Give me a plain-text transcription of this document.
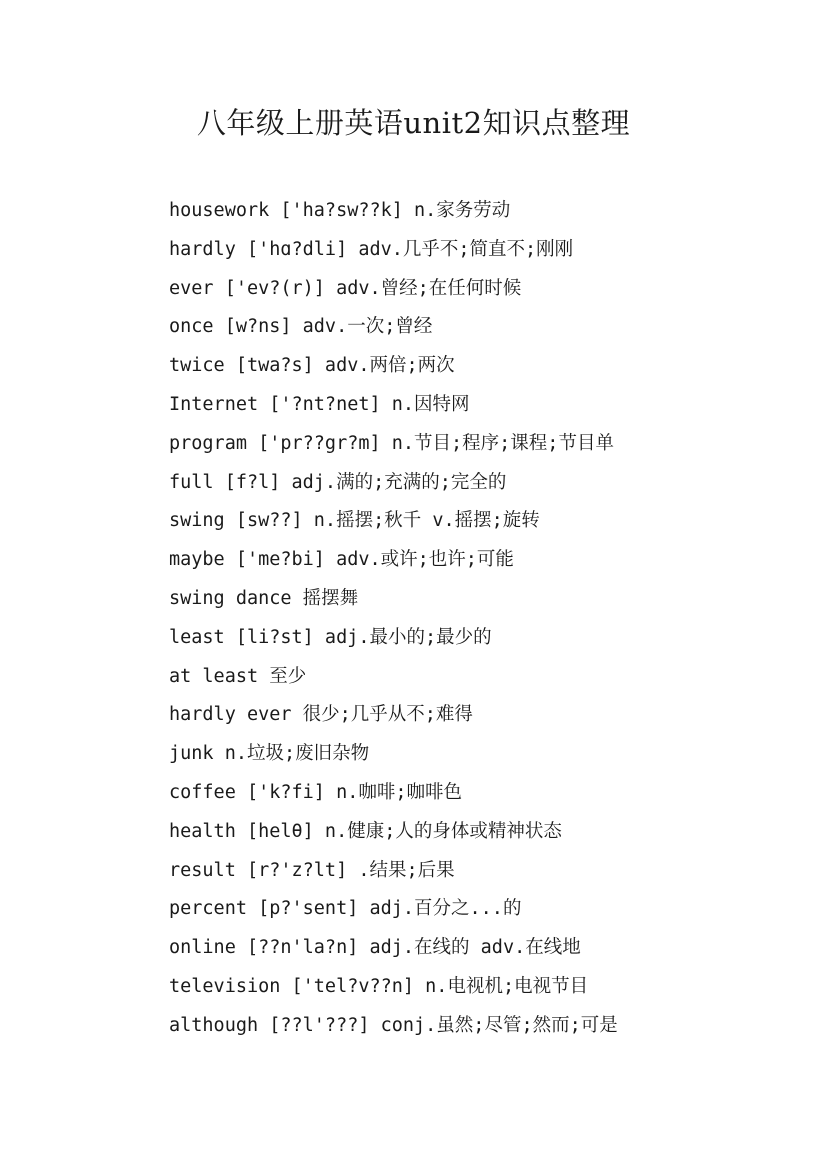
八年级上册英语unit2知识点整理
housework ['ha?sw??k] n.家务劳动
hardly ['hɑ?dli] adv.几乎不;简直不;刚刚
ever ['ev?(r)] adv.曾经;在任何时候
once [w?ns] adv.一次;曾经
twice [twa?s] adv.两倍;两次
Internet ['?nt?net] n.因特网
program ['pr??gr?m] n.节目;程序;课程;节目单
full [f?l] adj.满的;充满的;完全的
swing [sw??] n.摇摆;秋千 v.摇摆;旋转
maybe ['me?bi] adv.或许;也许;可能
swing dance 摇摆舞
least [li?st] adj.最小的;最少的
at least 至少
hardly ever 很少;几乎从不;难得
junk n.垃圾;废旧杂物
coffee ['k?fi] n.咖啡;咖啡色
health [helθ] n.健康;人的身体或精神状态
result [r?'z?lt] .结果;后果
percent [p?'sent] adj.百分之...的
online [??n'la?n] adj.在线的 adv.在线地
television ['tel?v??n] n.电视机;电视节目
although [??l'???] conj.虽然;尽管;然而;可是
